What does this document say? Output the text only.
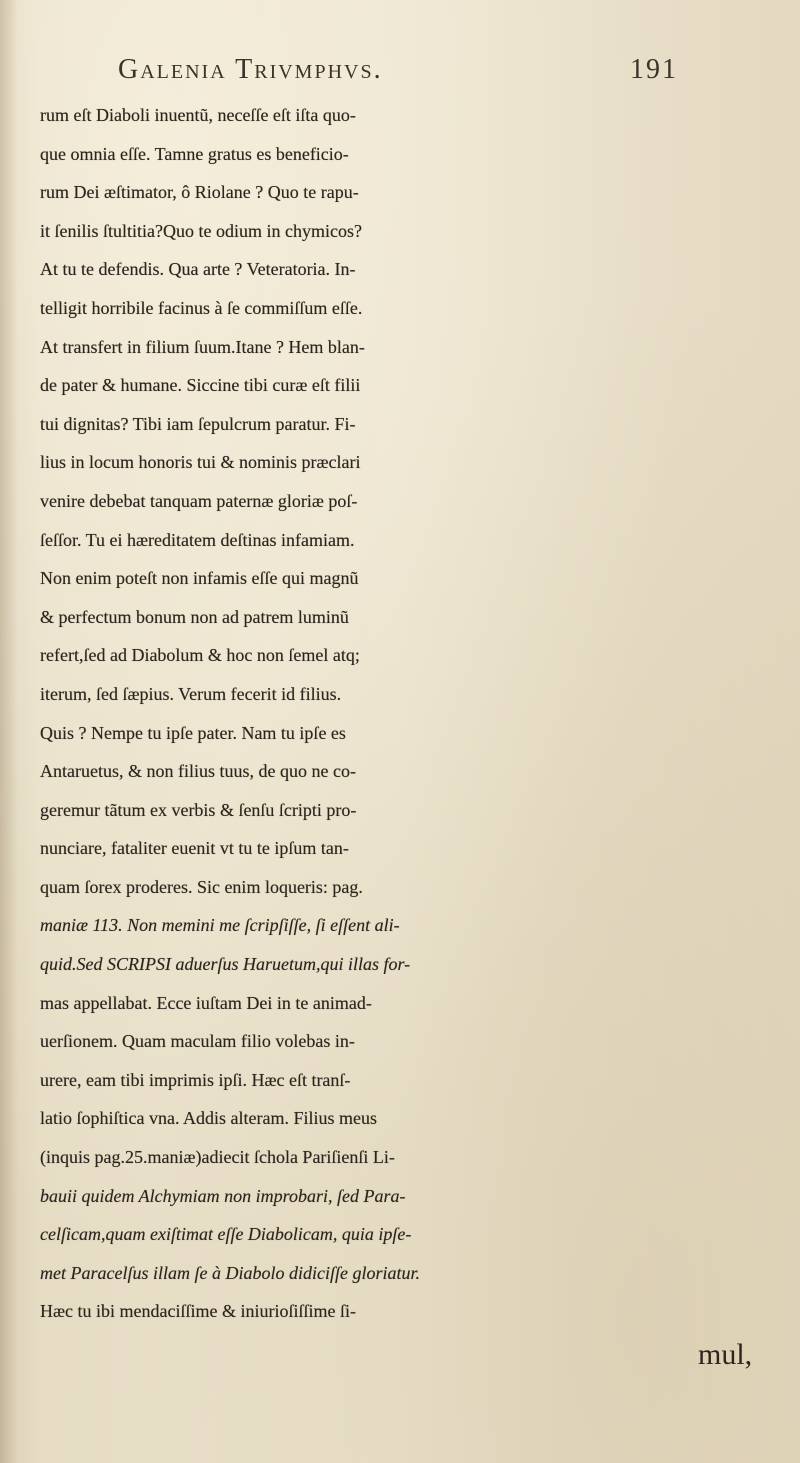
Galenia Trivmphvs.	191
rum eſt Diaboli inuentũ, neceſſe eſt iſta quo-
que omnia eſſe. Tamne gratus es beneficio-
rum Dei æſtimator, ô Riolane ? Quo te rapu-
it ſenilis ſtultitia?Quo te odium in chymicos?
At tu te defendis. Qua arte ? Veteratoria. In-
telligit horribile facinus à ſe commiſſum eſſe.
At transfert in filium ſuum.Itane ? Hem blan-
de pater & humane. Siccine tibi curæ eſt filii
tui dignitas? Tibi iam ſepulcrum paratur. Fi-
lius in locum honoris tui & nominis præclari
venire debebat tanquam paternæ gloriæ poſ-
ſeſſor. Tu ei hæreditatem deſtinas infamiam.
Non enim poteſt non infamis eſſe qui magnũ
& perfectum bonum non ad patrem luminũ
refert,ſed ad Diabolum & hoc non ſemel atq;
iterum, ſed ſæpius. Verum fecerit id filius.
Quis ? Nempe tu ipſe pater. Nam tu ipſe es
Antaruetus, & non filius tuus, de quo ne co-
geremur tãtum ex verbis & ſenſu ſcripti pro-
nunciare, fataliter euenit vt tu te ipſum tan-
quam ſorex proderes. Sic enim loqueris: pag.
maniæ 113. Non memini me ſcripſiſſe, ſi eſſent ali-
quid.Sed SCRIPSI aduerſus Haruetum,qui illas for-
mas appellabat. Ecce iuſtam Dei in te animad-
uerſionem. Quam maculam filio volebas in-
urere, eam tibi imprimis ipſi. Hæc eſt tranſ-
latio ſophiſtica vna. Addis alteram. Filius meus
(inquis pag.25.maniæ)adiecit ſchola Pariſienſi Li-
bauii quidem Alchymiam non improbari, ſed Para-
celſicam,quam exiſtimat eſſe Diabolicam, quia ipſe-
met Paracelſus illam ſe à Diabolo didiciſſe gloriatur.
Hæc tu ibi mendaciſſime & iniurioſiſſime ſi-
mul,
